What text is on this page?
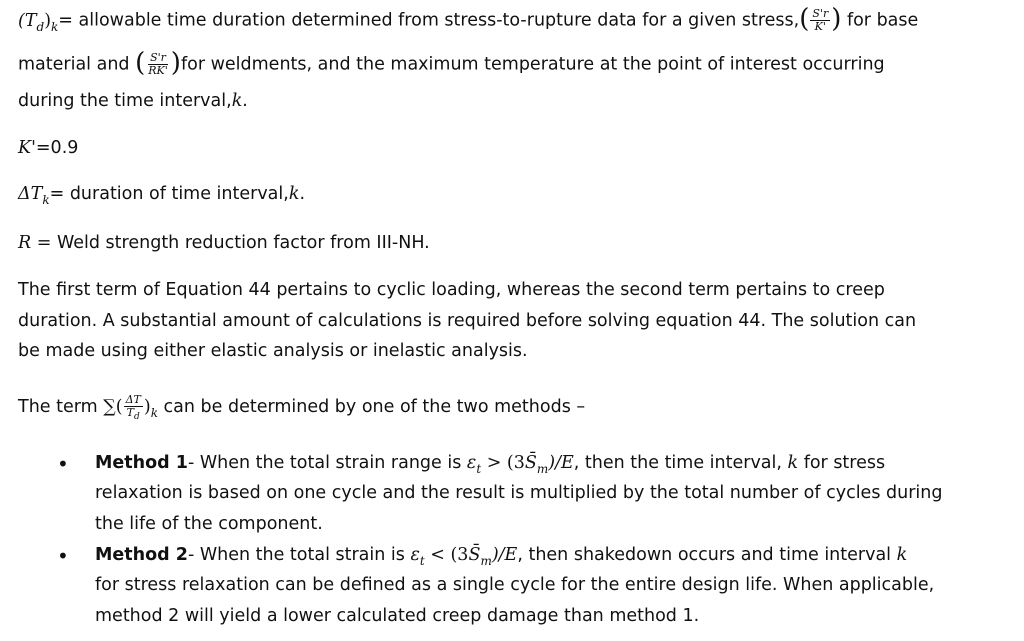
$(T_d)_k=$ allowable time duration determined from stress-to-rupture data for a given stress,( $\frac{S'r}{K'}$ ) for base
material and ( $\frac{S'r}{RK'} )for$ weldments, and the maximum temperature at the point of interest occurring
during the time interval,k.
K'=0.9
$\Delta T_k=$ duration of time interval,k.
R = Weld strength reduction factor from III-NH.
The first term of Equation 44 pertains to cyclic loading, whereas the second term pertains to creep
duration. A substantial amount of calculations is required before solving equation 44. The solution can
be made using either elastic analysis or inelastic analysis.
The term ∑( $\frac{\Delta T}{T_d} )_k$ can be determined by one of the two methods –
• Method 1- When the total strain range is $\varepsilon_t$ > $(3S̄_m)/E$, then the time interval, k for stress
relaxation is based on one cycle and the result is multiplied by the total number of cycles during
the life of the component.
• Method 2- When the total strain is $\varepsilon_t$ < $(3S̄_m)/E$, then shakedown occurs and time interval k
for stress relaxation can be defined as a single cycle for the entire design life. When applicable,
method 2 will yield a lower calculated creep damage than method 1.
